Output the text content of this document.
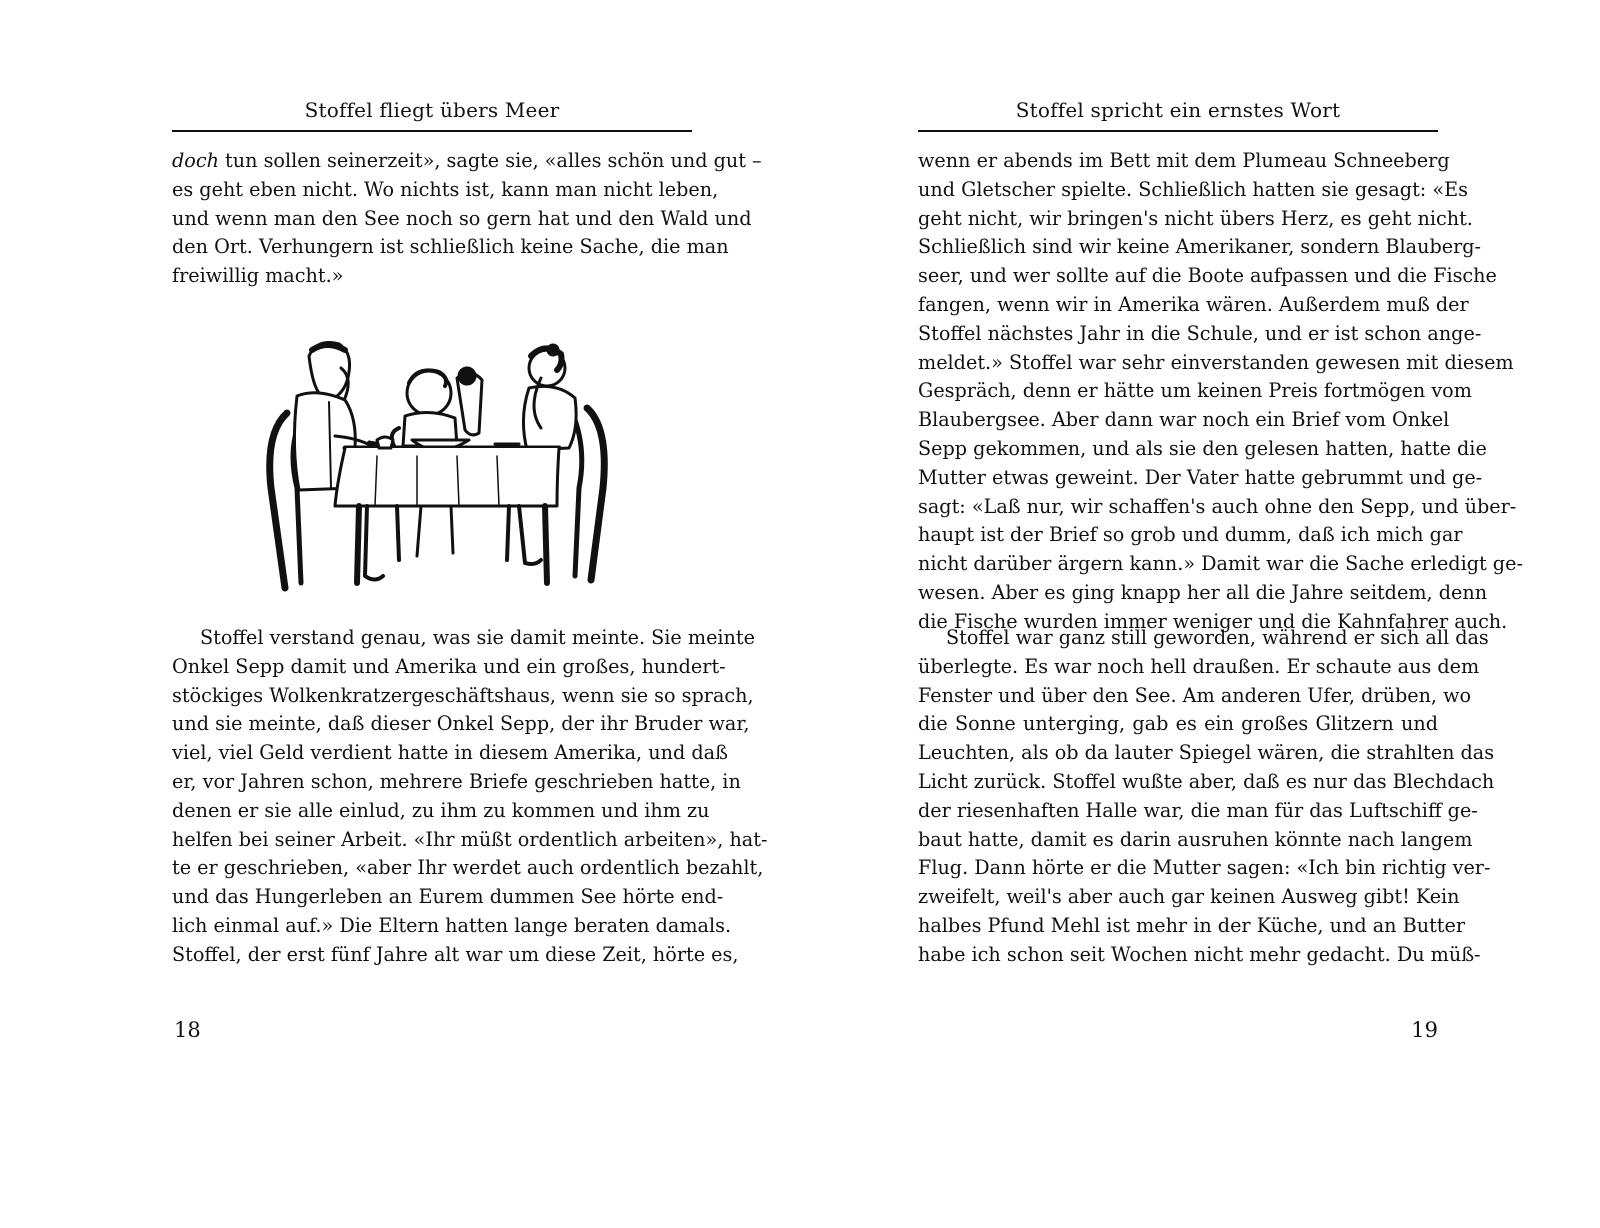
Stoffel fliegt übers Meer
doch tun sollen seinerzeit», sagte sie, «alles schön und gut –
es geht eben nicht. Wo nichts ist, kann man nicht leben,
und wenn man den See noch so gern hat und den Wald und
den Ort. Verhungern ist schließlich keine Sache, die man
freiwillig macht.»
Stoffel verstand genau, was sie damit meinte. Sie meinte
Onkel Sepp damit und Amerika und ein großes, hundert-
stöckiges Wolkenkratzergeschäftshaus, wenn sie so sprach,
und sie meinte, daß dieser Onkel Sepp, der ihr Bruder war,
viel, viel Geld verdient hatte in diesem Amerika, und daß
er, vor Jahren schon, mehrere Briefe geschrieben hatte, in
denen er sie alle einlud, zu ihm zu kommen und ihm zu
helfen bei seiner Arbeit. «Ihr müßt ordentlich arbeiten», hat-
te er geschrieben, «aber Ihr werdet auch ordentlich bezahlt,
und das Hungerleben an Eurem dummen See hörte end-
lich einmal auf.» Die Eltern hatten lange beraten damals.
Stoffel, der erst fünf Jahre alt war um diese Zeit, hörte es,
18
Stoffel spricht ein ernstes Wort
wenn er abends im Bett mit dem Plumeau Schneeberg
und Gletscher spielte. Schließlich hatten sie gesagt: «Es
geht nicht, wir bringen's nicht übers Herz, es geht nicht.
Schließlich sind wir keine Amerikaner, sondern Blauberg-
seer, und wer sollte auf die Boote aufpassen und die Fische
fangen, wenn wir in Amerika wären. Außerdem muß der
Stoffel nächstes Jahr in die Schule, und er ist schon ange-
meldet.» Stoffel war sehr einverstanden gewesen mit diesem
Gespräch, denn er hätte um keinen Preis fortmögen vom
Blaubergsee. Aber dann war noch ein Brief vom Onkel
Sepp gekommen, und als sie den gelesen hatten, hatte die
Mutter etwas geweint. Der Vater hatte gebrummt und ge-
sagt: «Laß nur, wir schaffen's auch ohne den Sepp, und über-
haupt ist der Brief so grob und dumm, daß ich mich gar
nicht darüber ärgern kann.» Damit war die Sache erledigt ge-
wesen. Aber es ging knapp her all die Jahre seitdem, denn
die Fische wurden immer weniger und die Kahnfahrer auch.
Stoffel war ganz still geworden, während er sich all das
überlegte. Es war noch hell draußen. Er schaute aus dem
Fenster und über den See. Am anderen Ufer, drüben, wo
die Sonne unterging, gab es ein großes Glitzern und
Leuchten, als ob da lauter Spiegel wären, die strahlten das
Licht zurück. Stoffel wußte aber, daß es nur das Blechdach
der riesenhaften Halle war, die man für das Luftschiff ge-
baut hatte, damit es darin ausruhen könnte nach langem
Flug. Dann hörte er die Mutter sagen: «Ich bin richtig ver-
zweifelt, weil's aber auch gar keinen Ausweg gibt! Kein
halbes Pfund Mehl ist mehr in der Küche, und an Butter
habe ich schon seit Wochen nicht mehr gedacht. Du müß-
19
